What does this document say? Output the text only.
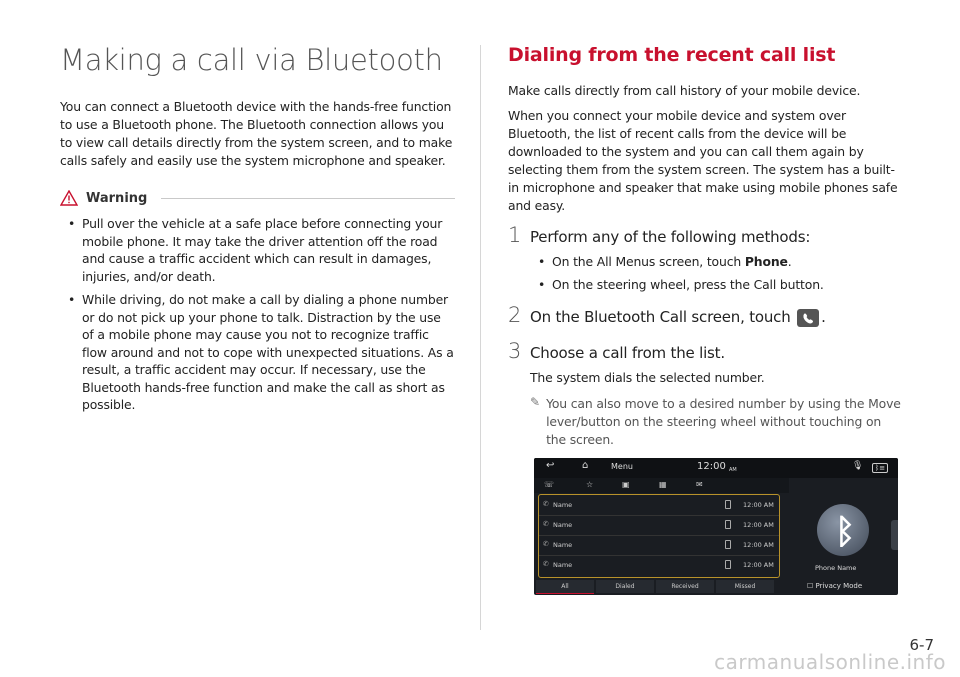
Making a call via Bluetooth

You can connect a Bluetooth device with the hands-free function to use a Bluetooth phone. The Bluetooth connection allows you to view call details directly from the system screen, and to make calls safely and easily use the system microphone and speaker.

Warning
• Pull over the vehicle at a safe place before connecting your mobile phone. It may take the driver attention off the road and cause a traffic accident which can result in damages, injuries, and/or death.
• While driving, do not make a call by dialing a phone number or do not pick up your phone to talk. Distraction by the use of a mobile phone may cause you not to recognize traffic flow around and not to cope with unexpected situations. As a result, a traffic accident may occur. If necessary, use the Bluetooth hands-free function and make the call as short as possible.
Dialing from the recent call list

Make calls directly from call history of your mobile device.

When you connect your mobile device and system over Bluetooth, the list of recent calls from the device will be downloaded to the system and you can call them again by selecting them from the system screen. The system has a built-in microphone and speaker that make using mobile phones safe and easy.

1 Perform any of the following methods:
• On the All Menus screen, touch Phone.
• On the steering wheel, press the Call button.
2 On the Bluetooth Call screen, touch .
3 Choose a call from the list.

The system dials the selected number.

✎ You can also move to a desired number by using the Move lever/button on the steering wheel without touching on the screen.

↩	⌂	Menu	12:00 AM	🎙	ᛒ≡
☏	☆	▣	▦	✉
✆ Name	12:00 AM
✆ Name	12:00 AM
✆ Name	12:00 AM
✆ Name	12:00 AM
All	Dialed	Received	Missed
ᛒ
Phone Name
☐ Privacy Mode
6-7
carmanualsonline.info
